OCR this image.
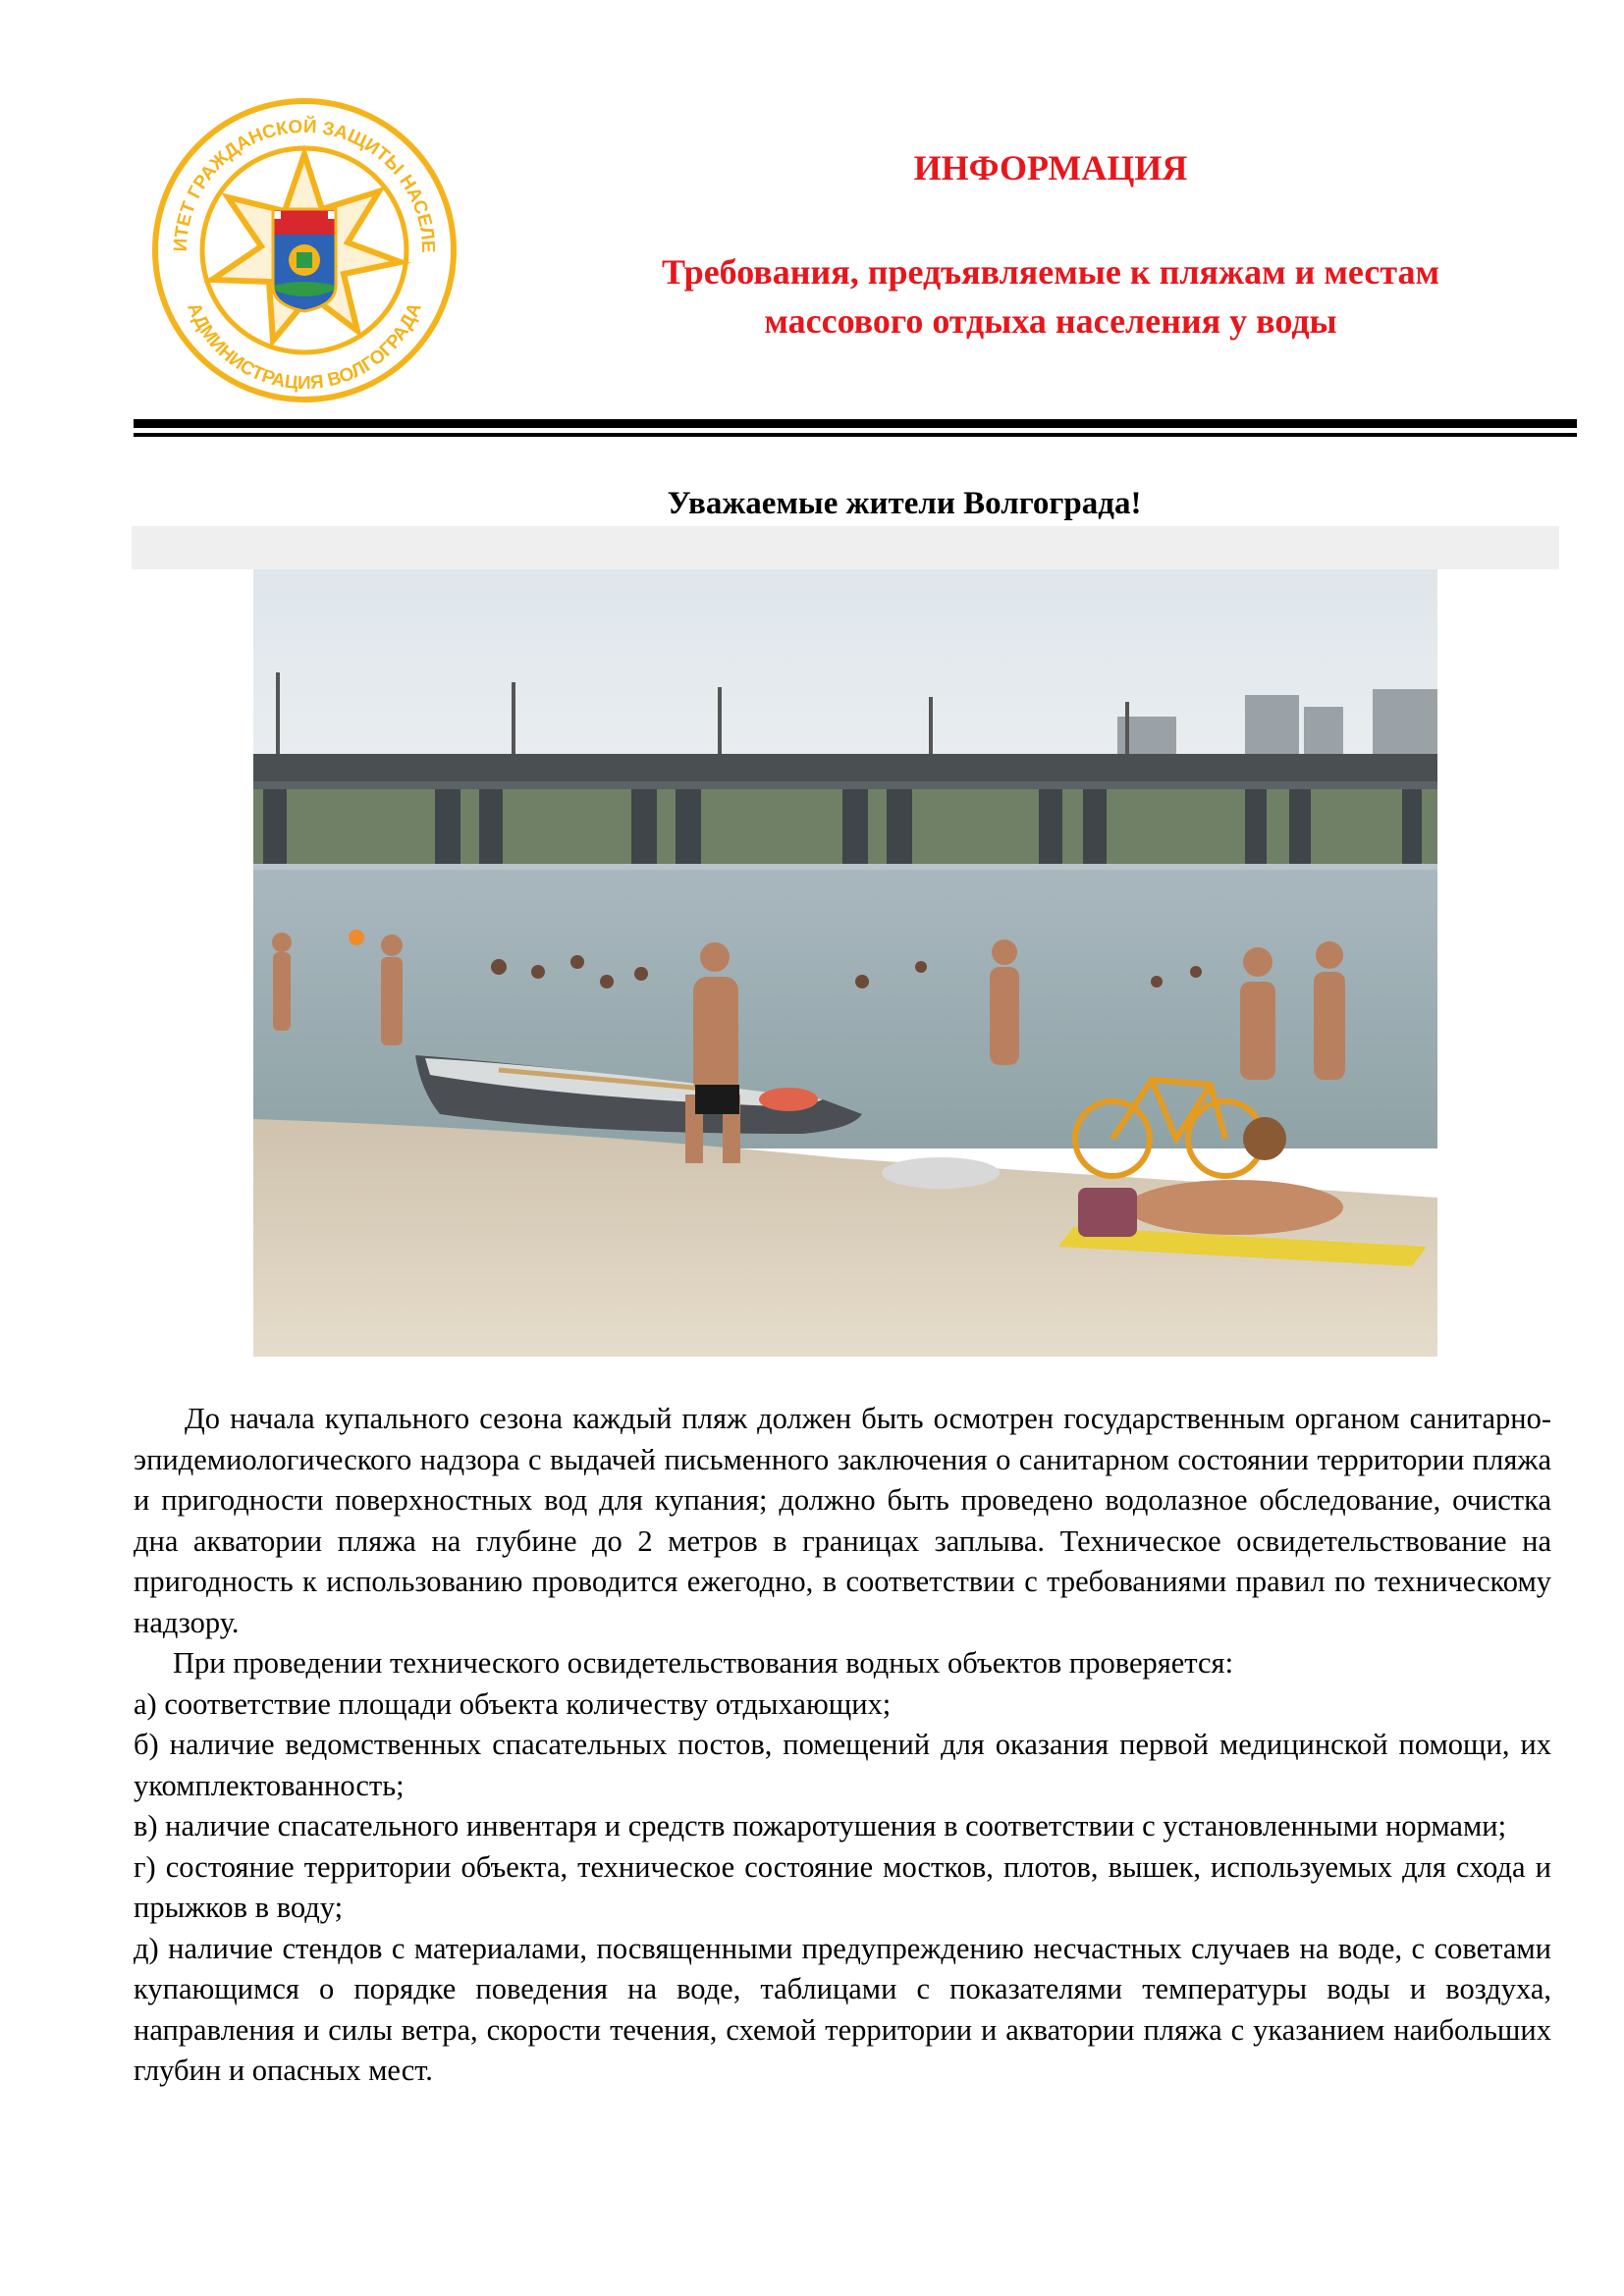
ИТЕТ ГРАЖДАНСКОЙ ЗАЩИТЫ НАСЕЛЕ
АДМИНИСТРАЦИЯ ВОЛГОГРАДА
ИНФОРМАЦИЯ
Требования, предъявляемые к пляжам и местам
массового отдыха населения у воды
Уважаемые жители Волгограда!

До начала купального сезона каждый пляж должен быть осмотрен государственным органом санитарно-эпидемиологического надзора с выдачей письменного заключения о санитарном состоянии территории пляжа и пригодности поверхностных вод для купания; должно быть проведено водолазное обследование, очистка дна акватории пляжа на глубине до 2 метров в границах заплыва. Техническое освидетельствование на пригодность к использованию проводится ежегодно, в соответствии с требованиями правил по техническому надзору.

При проведении технического освидетельствования водных объектов проверяется:

а) соответствие площади объекта количеству отдыхающих;

б) наличие ведомственных спасательных постов, помещений для оказания первой медицинской помощи, их укомплектованность;

в) наличие спасательного инвентаря и средств пожаротушения в соответствии с установленными нормами;

г) состояние территории объекта, техническое состояние мостков, плотов, вышек, используемых для схода и прыжков в воду;

д) наличие стендов с материалами, посвященными предупреждению несчастных случаев на воде, с советами купающимся о порядке поведения на воде, таблицами с показателями температуры воды и воздуха, направления и силы ветра, скорости течения, схемой территории и акватории пляжа с указанием наибольших глубин и опасных мест.
